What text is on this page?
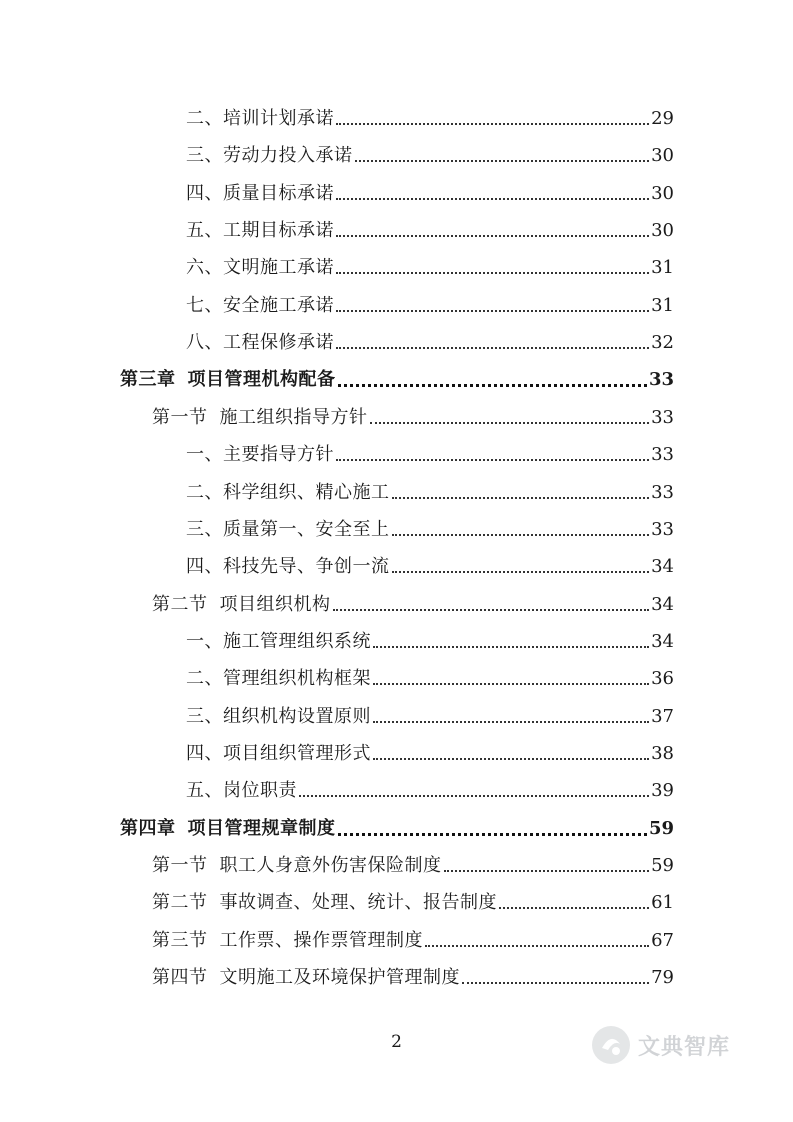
二、培训计划承诺	29
三、劳动力投入承诺	30
四、质量目标承诺	30
五、工期目标承诺	30
六、文明施工承诺	31
七、安全施工承诺	31
八、工程保修承诺	32
第三章 项目管理机构配备	33
第一节 施工组织指导方针	33
一、主要指导方针	33
二、科学组织、精心施工	33
三、质量第一、安全至上	33
四、科技先导、争创一流	34
第二节 项目组织机构	34
一、施工管理组织系统	34
二、管理组织机构框架	36
三、组织机构设置原则	37
四、项目组织管理形式	38
五、岗位职责	39
第四章 项目管理规章制度	59
第一节 职工人身意外伤害保险制度	59
第二节 事故调查、处理、统计、报告制度	61
第三节 工作票、操作票管理制度	67
第四节 文明施工及环境保护管理制度	79
2	文典智库
